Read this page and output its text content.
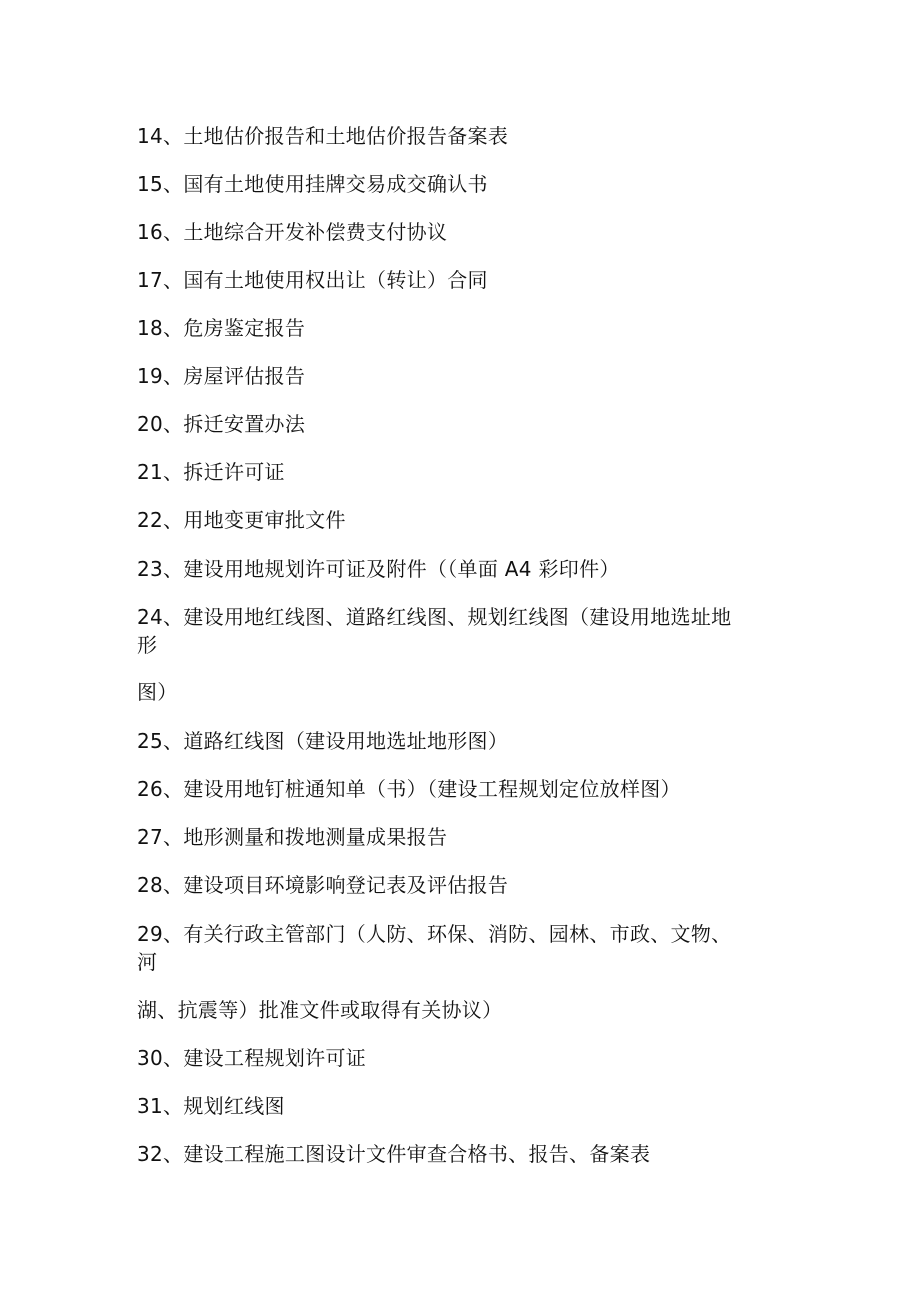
14、土地估价报告和土地估价报告备案表
15、国有土地使用挂牌交易成交确认书
16、土地综合开发补偿费支付协议
17、国有土地使用权出让（转让）合同
18、危房鉴定报告
19、房屋评估报告
20、拆迁安置办法
21、拆迁许可证
22、用地变更审批文件
23、建设用地规划许可证及附件（（单面 A4 彩印件）
24、建设用地红线图、道路红线图、规划红线图（建设用地选址地
形
图）
25、道路红线图（建设用地选址地形图）
26、建设用地钉桩通知单（书）（建设工程规划定位放样图）
27、地形测量和拨地测量成果报告
28、建设项目环境影响登记表及评估报告
29、有关行政主管部门（人防、环保、消防、园林、市政、文物、
河
湖、抗震等）批准文件或取得有关协议）
30、建设工程规划许可证
31、规划红线图
32、建设工程施工图设计文件审查合格书、报告、备案表
